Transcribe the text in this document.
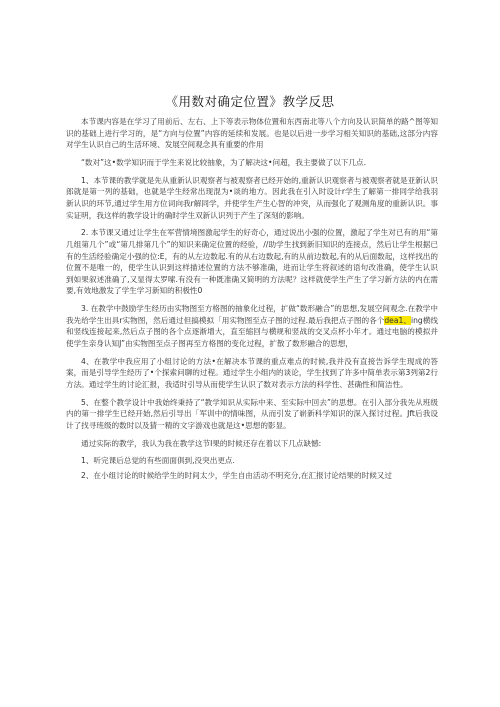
《用数对确定位置》教学反思

本节课内容是在学习了用前后、左右、上下等表示物体位置和东西南北等八个方向及认识简单的路^图等知识的基础上进行学习的，是“方向与位置”内容的延续和发展。也是以后进一步学习相关知识的基础,这部分内容对学生认识自己的生活环境、发展空间观念具有重要的作用

“数对”这•数学知识而于学生来说比较抽象，为了解决这•问超，我主要做了以下几点.

1、本节课的教学就是先从重新认识观察者与被观察者已经开始的,重新认识观察者与被观察者就是亚新认识郎就是第一列的基础，也就是学生经常出现混为•谈的地方。因此我在引入时设计r学生了解第一排同学给我羽新认识的环节,通过学生用方位词向我r解同学，并使学生产生心智的冲突，从而强化了观测角度的重新认识。事实证明，我这样的教学设计的确时学生双新认识列于产生了深刻的影响。

2. 本节课又通过让学生在军营情境图激起学生的好奇心，通过说出小强的位置，激起了学生对已有的用“第几组第几个”或“第几排第几个”的知识来确定位置的经验，//助学生找到新旧知识的连接点，然后让学生根据已有的生活经验确定小强的位:E，有的从左边数起.有的从右边数起,有的从前边数起,有的从后面数起，这样找出的位置不是唯一的，使学生认识到这样描述位置的方法不够准确，进而让学生将叙述的语句改准确，使学生认识到如果叙述准确了,又显得太罗嗦.有没有一种既准确又简明的方法呢？这样就使学生产生了学习新方法的内在需要,有效地激发了学生学习新知的积极性0

3. 在教学中鼓励学生经历由实物图至方格图的抽象化过程，扩做“数形融合”的思想,发展空间观念.在教学中我先给学生出具r实物图，然后通过但搞模拟「用实物图至点子图的过程.最后我把点子图的各个dea1、ing横线和竖线连接起来,然后点子图的各个点逐渐增大，直至缩回与横规和竖战的交叉点杯小年才。通过电脑的模拟并使学生亲身认知J”由实物图至点子图再至方格图的变化过程，扩散了数形融合的思想，

4、在教学中我应用了小组讨论的方法•在解决本节课的重点难点的时候,我并没有直接告诉学生现成的答案，而是引导学生经历了•个探索问聊的过程。通过学生小组内的谈论，学生找到了许多中简单表示第3列第2行方法。通过学生的讨论汇报，我适时引导从而使学生认识了数对表示方法的科学性、甚确性和简洁性。

5、在整个教学设计中我始终秉持了“教学知识从实际中来、至实际中回去”的思想。在引入部分我先从班级内的第一排学生已经开始,然后引导出「军训中的情味图，从而引发了崭新科学知识的深入探讨过程。Jft后我设计了找寻班级的数时以及猜一精的文字游戏也就是这•思想的影显。

通过实际的教学，我认为我在教学这节I果的时候还存在着以下几点缺憾:

1、听完课后总觉的有些面面俱到,没突出更点.

2、在小组讨论的时候给学生的时间太少，学生自由活动不明充分,在汇报讨论结果的时候又过
